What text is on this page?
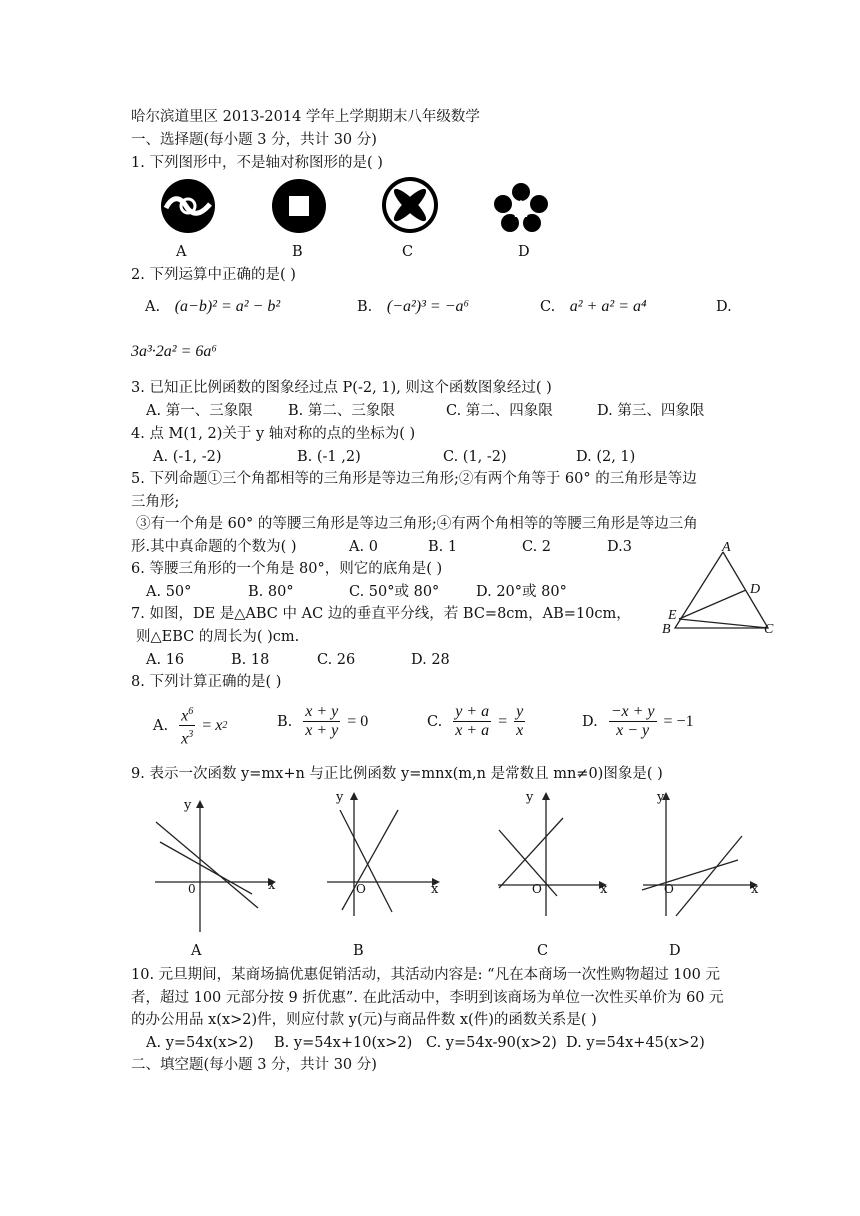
哈尔滨道里区 2013-2014 学年上学期期末八年级数学
一、选择题(每小题 3 分，共计 30 分)
1. 下列图形中，不是轴对称图形的是( )
A	B	C	D
2. 下列运算中正确的是( )
A. (a−b)² = a² − b²	B. (−a²)³ = −a⁶	C. a² + a² = a⁴	D.
3a³·2a² = 6a⁶
3. 已知正比例函数的图象经过点 P(-2, 1), 则这个函数图象经过( )
A. 第一、三象限 B. 第二、三象限	C. 第二、四象限	D. 第三、四象限
4. 点 M(1, 2)关于 y 轴对称的点的坐标为( )
A. (-1, -2)	B. (-1 ,2)	C. (1, -2)	D. (2, 1)
5. 下列命题①三个角都相等的三角形是等边三角形;②有两个角等于 60° 的三角形是等边
三角形;
③有一个角是 60° 的等腰三角形是等边三角形;④有两个角相等的等腰三角形是等边三角
形.其中真命题的个数为( )	A. 0	B. 1	C. 2	D.3
6. 等腰三角形的一个角是 80°，则它的底角是( )
A. 50°	B. 80°	C. 50°或 80°	D. 20°或 80°
A
D
E
B	C
7. 如图，DE 是△ABC 中 AC 边的垂直平分线，若 BC=8cm，AB=10cm，
则△EBC 的周长为( )cm.
A. 16	B. 18	C. 26	D. 28
8. 下列计算正确的是( )
A. $\frac{x^6}{x^3} = x$ 2	B. $\frac{x + y}{x + y} = 0$	C. $\frac{y + a}{x + a} = \frac{y}{x}$	D. $\frac{-x + y}{x - y} = -1$
9. 表示一次函数 y=mx+n 与正比例函数 y=mnx(m,n 是常数且 mn≠0)图象是( )
y
x
0
y
x
O
y
x
O
y
x
O
A	B	C	D
10. 元旦期间，某商场搞优惠促销活动，其活动内容是: “凡在本商场一次性购物超过 100 元
者，超过 100 元部分按 9 折优惠”. 在此活动中，李明到该商场为单位一次性买单价为 60 元
的办公用品 x(x>2)件，则应付款 y(元)与商品件数 x(件)的函数关系是( )
A. y=54x(x>2) B. y=54x+10(x>2) C. y=54x-90(x>2) D. y=54x+45(x>2)
二、填空题(每小题 3 分，共计 30 分)
